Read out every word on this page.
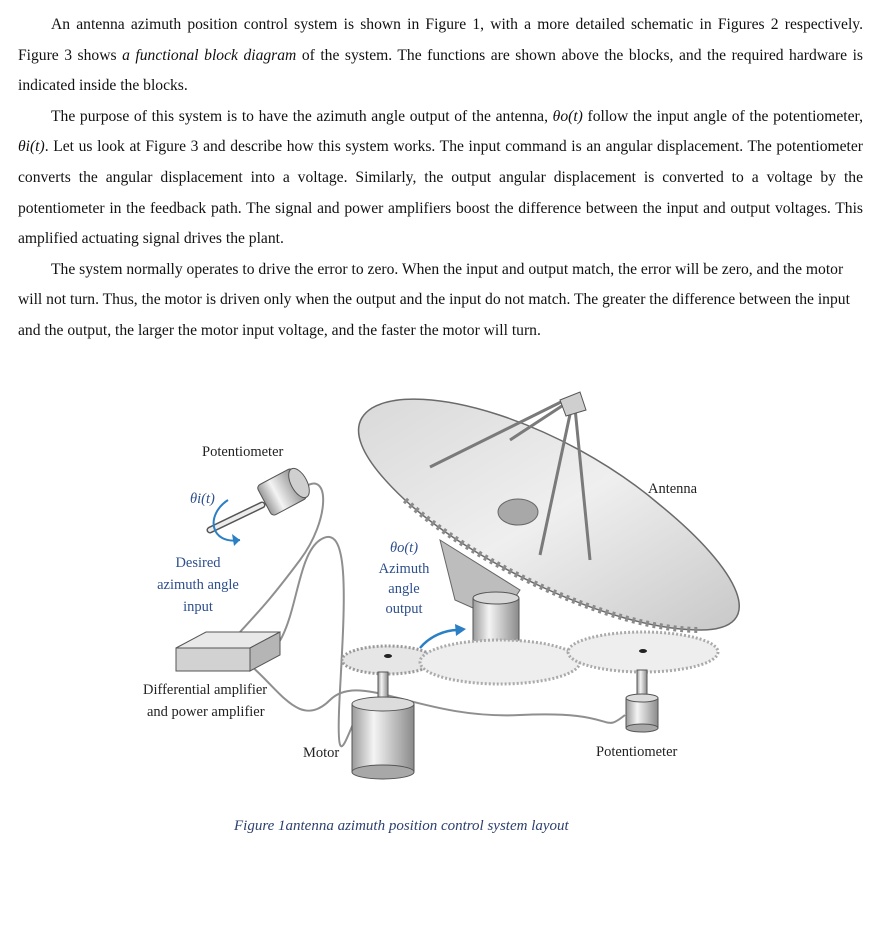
An antenna azimuth position control system is shown in Figure 1, with a more detailed schematic in Figures 2 respectively. Figure 3 shows a functional block diagram of the system. The functions are shown above the blocks, and the required hardware is indicated inside the blocks.

The purpose of this system is to have the azimuth angle output of the antenna, θo(t) follow the input angle of the potentiometer, θi(t). Let us look at Figure 3 and describe how this system works. The input command is an angular displacement. The potentiometer converts the angular displacement into a voltage. Similarly, the output angular displacement is converted to a voltage by the potentiometer in the feedback path. The signal and power amplifiers boost the difference between the input and output voltages. This amplified actuating signal drives the plant.

The system normally operates to drive the error to zero. When the input and output match, the error will be zero, and the motor will not turn. Thus, the motor is driven only when the output and the input do not match. The greater the difference between the input and the output, the larger the motor input voltage, and the faster the motor will turn.

Potentiometer
θi(t)
Desired
azimuth angle
input
θo(t)
Azimuth
angle
output
Antenna
Differential amplifier
and power amplifier
Motor	Potentiometer
Figure 1antenna azimuth position control system layout
